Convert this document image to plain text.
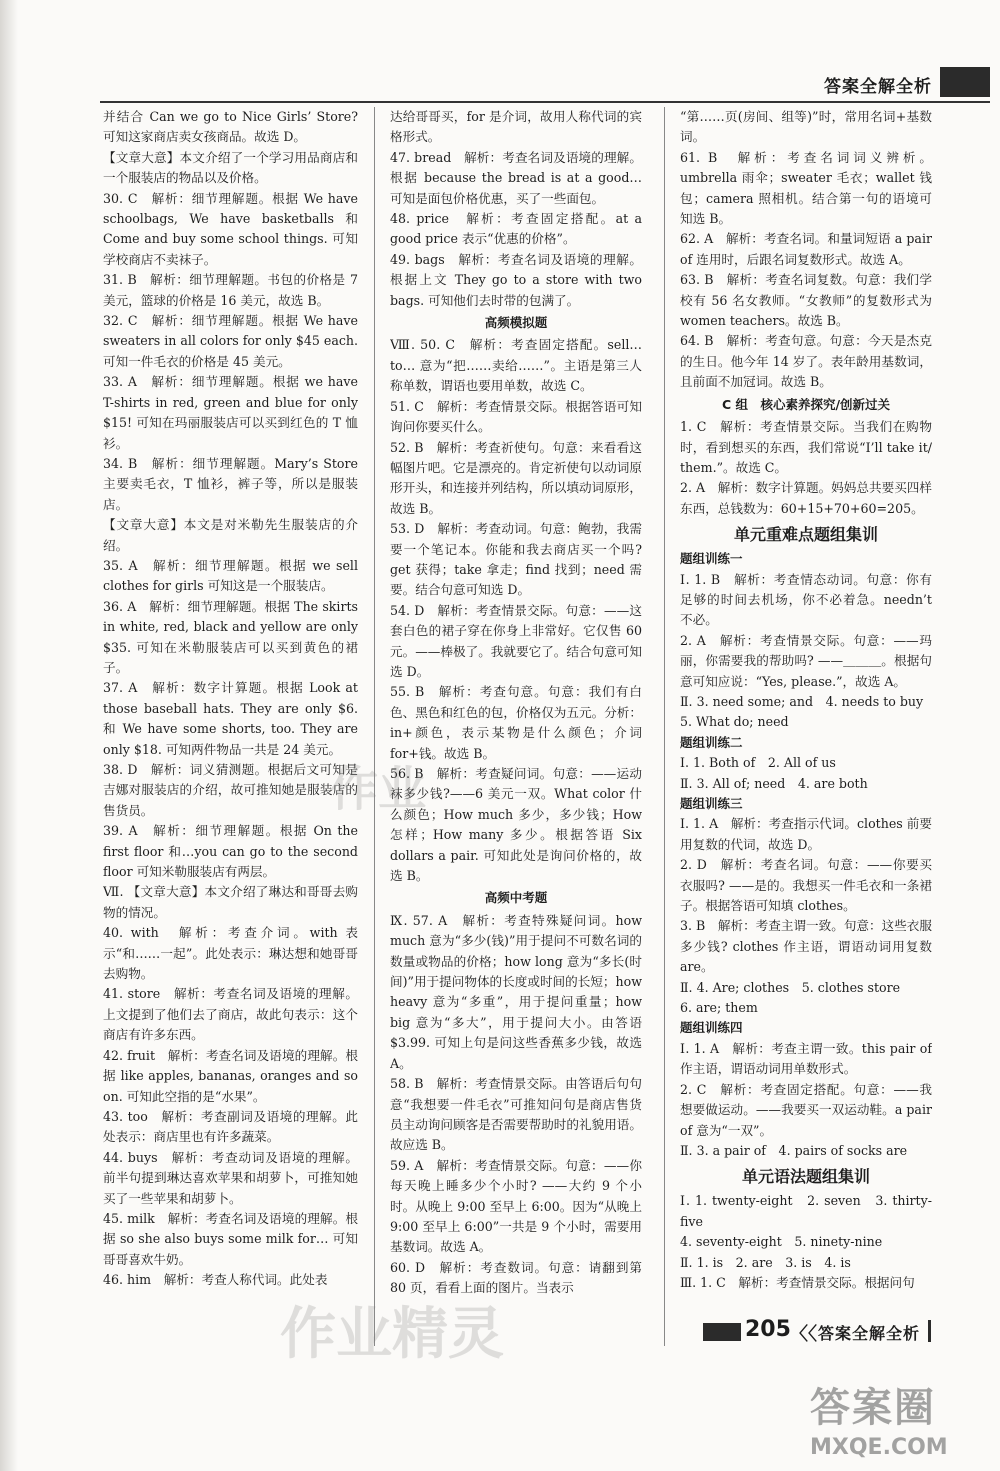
答案全解全析

并结合 Can we go to Nice Girls’ Store? 可知这家商店卖女孩商品。故选 D。

【文章大意】本文介绍了一个学习用品商店和一个服装店的物品以及价格。

30. C　解析：细节理解题。根据 We have schoolbags, We have basketballs 和 Come and buy some school things. 可知学校商店不卖袜子。

31. B　解析：细节理解题。书包的价格是 7 美元，篮球的价格是 16 美元，故选 B。

32. C　解析：细节理解题。根据 We have sweaters in all colors for only $45 each. 可知一件毛衣的价格是 45 美元。

33. A　解析：细节理解题。根据 we have T-shirts in red, green and blue for only $15! 可知在玛丽服装店可以买到红色的 T 恤衫。

34. B　解析：细节理解题。Mary’s Store 主要卖毛衣，T 恤衫，裤子等，所以是服装店。

【文章大意】本文是对米勒先生服装店的介绍。

35. A　解析：细节理解题。根据 we sell clothes for girls 可知这是一个服装店。

36. A　解析：细节理解题。根据 The skirts in white, red, black and yellow are only $35. 可知在米勒服装店可以买到黄色的裙子。

37. A　解析：数字计算题。根据 Look at those baseball hats. They are only $6. 和 We have some shorts, too. They are only $18. 可知两件物品一共是 24 美元。

38. D　解析：词义猜测题。根据后文可知是吉娜对服装店的介绍，故可推知她是服装店的售货员。

39. A　解析：细节理解题。根据 On the first floor 和…you can go to the second floor 可知米勒服装店有两层。

Ⅶ. 【文章大意】本文介绍了琳达和哥哥去购物的情况。

40. with　解析：考查介词。with 表示“和……一起”。此处表示：琳达想和她哥哥去购物。

41. store　解析：考查名词及语境的理解。上文提到了他们去了商店，故此句表示：这个商店有许多东西。

42. fruit　解析：考查名词及语境的理解。根据 like apples, bananas, oranges and so on. 可知此空指的是“水果”。

43. too　解析：考查副词及语境的理解。此处表示：商店里也有许多蔬菜。

44. buys　解析：考查动词及语境的理解。前半句提到琳达喜欢苹果和胡萝卜，可推知她买了一些苹果和胡萝卜。

45. milk　解析：考查名词及语境的理解。根据 so she also buys some milk for… 可知哥哥喜欢牛奶。

46. him　解析：考查人称代词。此处表

达给哥哥买，for 是介词，故用人称代词的宾格形式。

47. bread　解析：考查名词及语境的理解。根据 because the bread is at a good… 可知是面包价格优惠，买了一些面包。

48. price　解析：考查固定搭配。at a good price 表示“优惠的价格”。

49. bags　解析：考查名词及语境的理解。根据上文 They go to a store with two bags. 可知他们去时带的包满了。

高频模拟题

Ⅷ. 50. C　解析：考查固定搭配。sell… to… 意为“把……卖给……”。主语是第三人称单数，谓语也要用单数，故选 C。

51. C　解析：考查情景交际。根据答语可知询问你要买什么。

52. B　解析：考查祈使句。句意：来看看这幅图片吧。它是漂亮的。肯定祈使句以动词原形开头，和连接并列结构，所以填动词原形，故选 B。

53. D　解析：考查动词。句意：鲍勃，我需要一个笔记本。你能和我去商店买一个吗? get 获得；take 拿走；find 找到；need 需要。结合句意可知选 D。

54. D　解析：考查情景交际。句意：——这套白色的裙子穿在你身上非常好。它仅售 60 元。——棒极了。我就要它了。结合句意可知选 D。

55. B　解析：考查句意。句意：我们有白色、黑色和红色的包，价格仅为五元。分析：in+颜色，表示某物是什么颜色；介词 for+钱。故选 B。

56. B　解析：考查疑问词。句意：——运动袜多少钱?——6 美元一双。What color 什么颜色；How much 多少，多少钱；How 怎样；How many 多少。根据答语 Six dollars a pair. 可知此处是询问价格的，故选 B。

高频中考题

Ⅸ. 57. A　解析：考查特殊疑问词。how much 意为“多少(钱)”用于提问不可数名词的数量或物品的价格；how long 意为“多长(时间)”用于提问物体的长度或时间的长短；how heavy 意为“多重”，用于提问重量；how big 意为“多大”，用于提问大小。由答语$3.99. 可知上句是问这些香蕉多少钱，故选 A。

58. B　解析：考查情景交际。由答语后句句意“我想要一件毛衣”可推知问句是商店售货员主动询问顾客是否需要帮助时的礼貌用语。故应选 B。

59. A　解析：考查情景交际。句意：——你每天晚上睡多少个小时? ——大约 9 个小时。从晚上 9:00 至早上 6:00。因为“从晚上 9:00 至早上 6:00”一共是 9 个小时，需要用基数词。故选 A。

60. D　解析：考查数词。句意：请翻到第 80 页，看看上面的图片。当表示

“第……页(房间、组等)”时，常用名词+基数词。

61. B　解析：考查名词词义辨析。umbrella 雨伞；sweater 毛衣；wallet 钱包；camera 照相机。结合第一句的语境可知选 B。

62. A　解析：考查名词。和量词短语 a pair of 连用时，后跟名词复数形式。故选 A。

63. B　解析：考查名词复数。句意：我们学校有 56 名女教师。“女教师”的复数形式为 women teachers。故选 B。

64. B　解析：考查句意。句意：今天是杰克的生日。他今年 14 岁了。表年龄用基数词，且前面不加冠词。故选 B。

C 组　核心素养探究/创新过关

1. C　解析：考查情景交际。当我们在购物时，看到想买的东西，我们常说“I’ll take it/ them.”。故选 C。

2. A　解析：数字计算题。妈妈总共要买四样东西，总钱数为：60+15+70+60=205。

单元重难点题组集训
题组训练一

Ⅰ. 1. B　解析：考查情态动词。句意：你有足够的时间去机场，你不必着急。needn’t 不必。

2. A　解析：考查情景交际。句意：——玛丽，你需要我的帮助吗? ——＿＿＿。根据句意可知应说：“Yes, please.”，故选 A。

Ⅱ. 3. need some; and　4. needs to buy

5. What do; need

题组训练二

Ⅰ. 1. Both of　2. All of us

Ⅱ. 3. All of; need　4. are both

题组训练三

Ⅰ. 1. A　解析：考查指示代词。clothes 前要用复数的代词，故选 D。

2. D　解析：考查名词。句意：——你要买衣服吗? ——是的。我想买一件毛衣和一条裙子。根据答语可知填 clothes。

3. B　解析：考查主谓一致。句意：这些衣服多少钱? clothes 作主语，谓语动词用复数 are。

Ⅱ. 4. Are; clothes　5. clothes store

6. are; them

题组训练四

Ⅰ. 1. A　解析：考查主谓一致。this pair of 作主语，谓语动词用单数形式。

2. C　解析：考查固定搭配。句意：——我想要做运动。——我要买一双运动鞋。a pair of 意为“一双”。

Ⅱ. 3. a pair of　4. pairs of socks are

单元语法题组集训

Ⅰ. 1. twenty-eight　2. seven　3. thirty-five

4. seventy-eight　5. ninety-nine

Ⅱ. 1. is　2. are　3. is　4. is

Ⅲ. 1. C　解析：考查情景交际。根据问句

205 〈〈 答案全解全析
作业精灵
作业
答案圈
MXQE.COM
